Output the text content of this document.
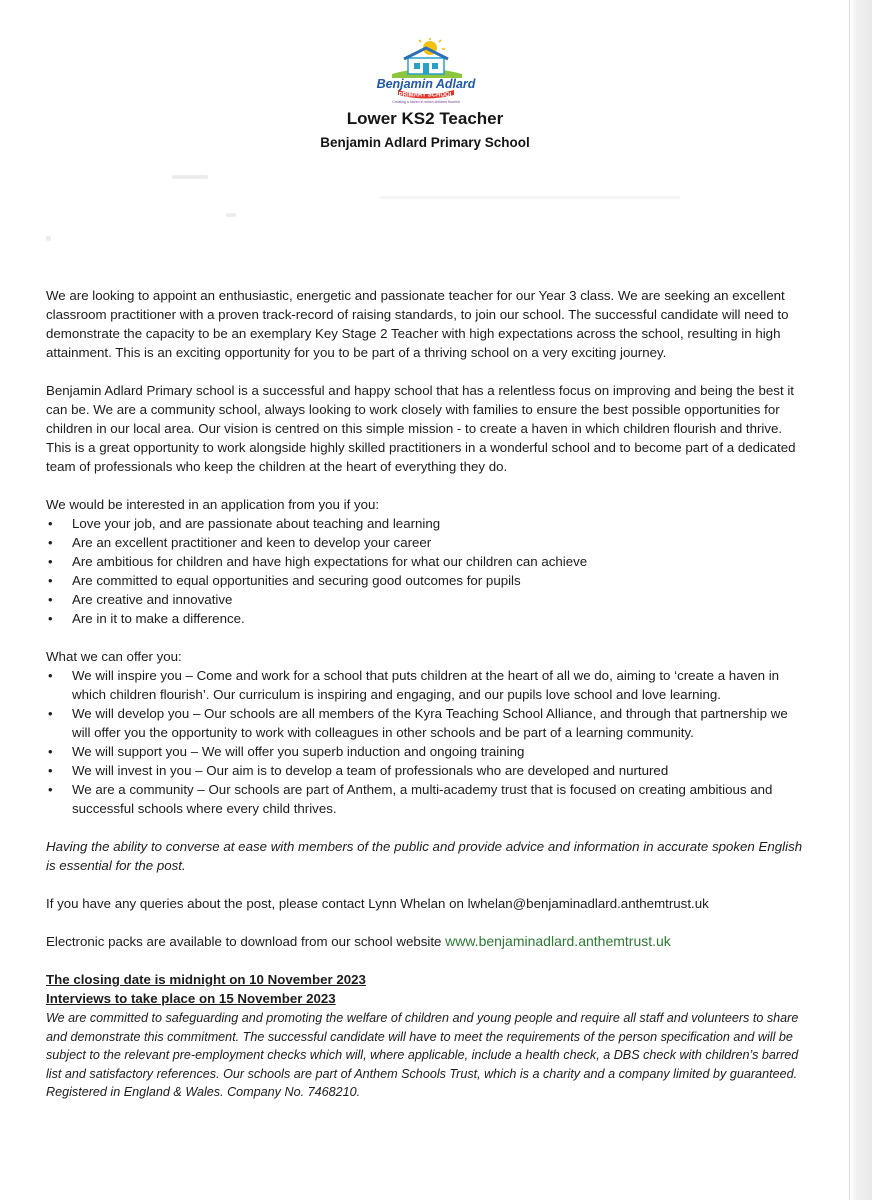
Benjamin Adlard
PRIMARY SCHOOL
Creating a haven in which children flourish

Lower KS2 Teacher

Benjamin Adlard Primary School

We are looking to appoint an enthusiastic, energetic and passionate teacher for our Year 3 class. We are seeking an excellent classroom practitioner with a proven track-record of raising standards, to join our school. The successful candidate will need to demonstrate the capacity to be an exemplary Key Stage 2 Teacher with high expectations across the school, resulting in high attainment. This is an exciting opportunity for you to be part of a thriving school on a very exciting journey.

Benjamin Adlard Primary school is a successful and happy school that has a relentless focus on improving and being the best it can be. We are a community school, always looking to work closely with families to ensure the best possible opportunities for children in our local area. Our vision is centred on this simple mission - to create a haven in which children flourish and thrive. This is a great opportunity to work alongside highly skilled practitioners in a wonderful school and to become part of a dedicated team of professionals who keep the children at the heart of everything they do.

We would be interested in an application from you if you:

• Love your job, and are passionate about teaching and learning
• Are an excellent practitioner and keen to develop your career
• Are ambitious for children and have high expectations for what our children can achieve
• Are committed to equal opportunities and securing good outcomes for pupils
• Are creative and innovative
• Are in it to make a difference.

What we can offer you:

• We will inspire you – Come and work for a school that puts children at the heart of all we do, aiming to ‘create a haven in which children flourish’. Our curriculum is inspiring and engaging, and our pupils love school and love learning.
• We will develop you – Our schools are all members of the Kyra Teaching School Alliance, and through that partnership we will offer you the opportunity to work with colleagues in other schools and be part of a learning community.
• We will support you – We will offer you superb induction and ongoing training
• We will invest in you – Our aim is to develop a team of professionals who are developed and nurtured
• We are a community – Our schools are part of Anthem, a multi-academy trust that is focused on creating ambitious and successful schools where every child thrives.

Having the ability to converse at ease with members of the public and provide advice and information in accurate spoken English is essential for the post.

If you have any queries about the post, please contact Lynn Whelan on lwhelan@benjaminadlard.anthemtrust.uk

Electronic packs are available to download from our school website www.benjaminadlard.anthemtrust.uk

The closing date is midnight on 10 November 2023

Interviews to take place on 15 November 2023

We are committed to safeguarding and promoting the welfare of children and young people and require all staff and volunteers to share and demonstrate this commitment. The successful candidate will have to meet the requirements of the person specification and will be subject to the relevant pre-employment checks which will, where applicable, include a health check, a DBS check with children’s barred list and satisfactory references. Our schools are part of Anthem Schools Trust, which is a charity and a company limited by guaranteed. Registered in England & Wales. Company No. 7468210.
